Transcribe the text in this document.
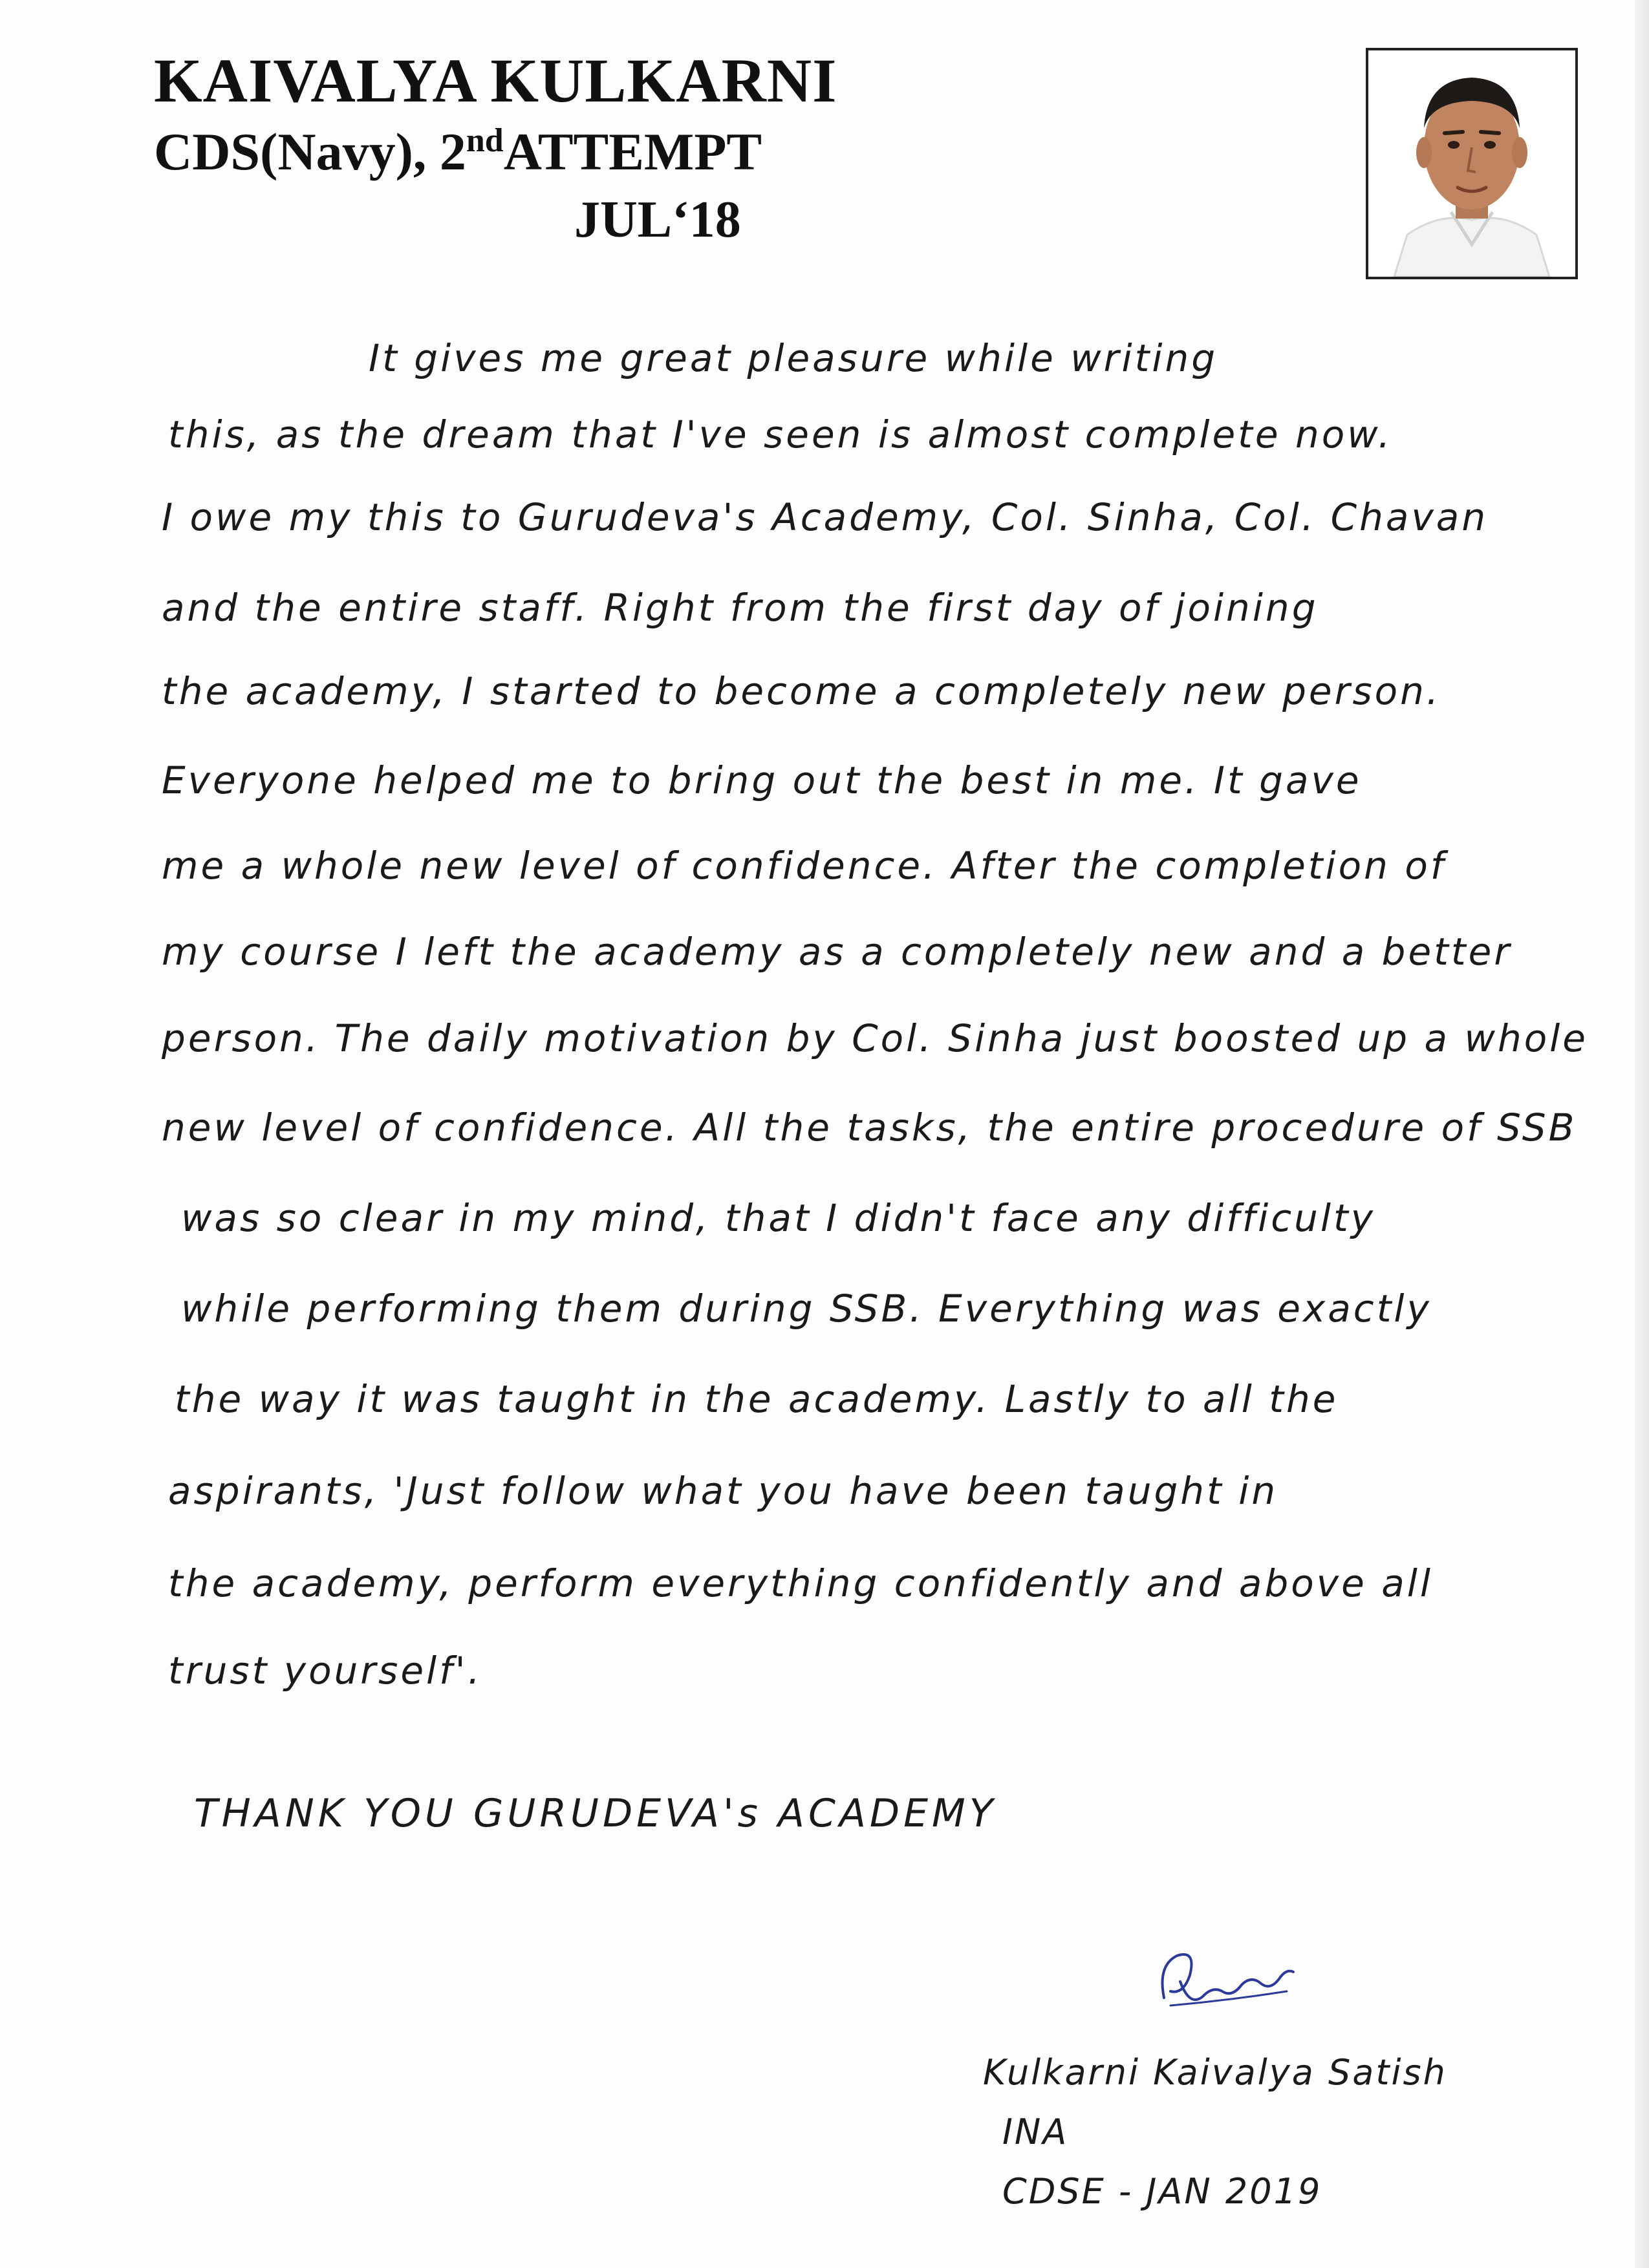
KAIVALYA KULKARNI
CDS(Navy), 2ndATTEMPT
JUL‘18
It gives me great pleasure while writing
this, as the dream that I've seen is almost complete now.
I owe my this to Gurudeva's Academy, Col. Sinha, Col. Chavan
and the entire staff. Right from the first day of joining
the academy, I started to become a completely new person.
Everyone helped me to bring out the best in me. It gave
me a whole new level of confidence. After the completion of
my course I left the academy as a completely new and a better
person. The daily motivation by Col. Sinha just boosted up a whole
new level of confidence. All the tasks, the entire procedure of SSB
was so clear in my mind, that I didn't face any difficulty
while performing them during SSB. Everything was exactly
the way it was taught in the academy. Lastly to all the
aspirants, 'Just follow what you have been taught in
the academy, perform everything confidently and above all
trust yourself'.
THANK YOU GURUDEVA's ACADEMY
Kulkarni Kaivalya Satish
INA
CDSE - JAN 2019
